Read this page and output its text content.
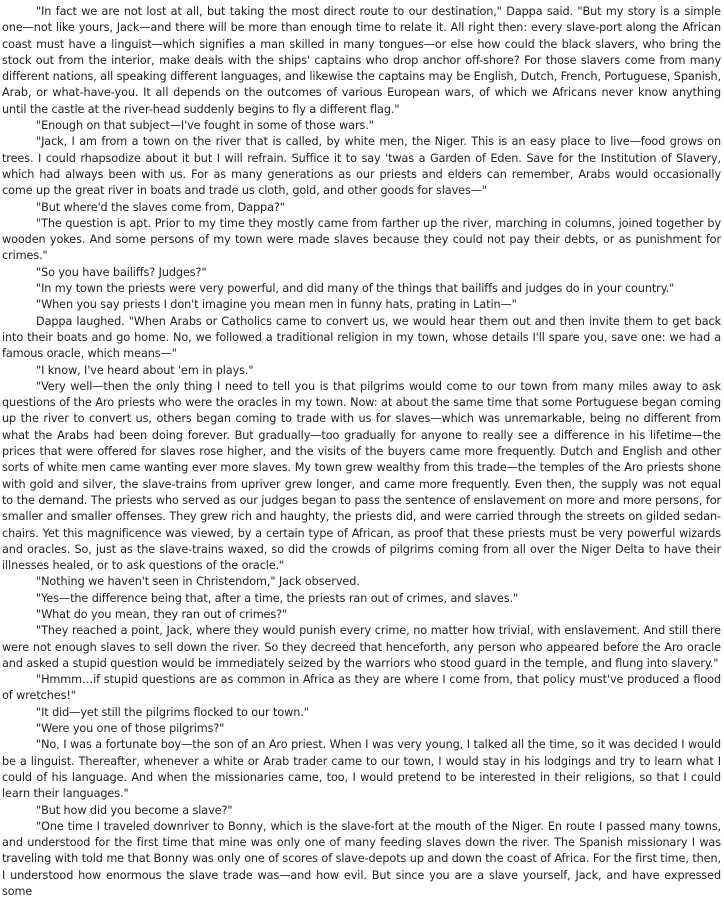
"In fact we are not lost at all, but taking the most direct route to our destination," Dappa said. "But my story is a simple one—not like yours, Jack—and there will be more than enough time to relate it. All right then: every slave-port along the African coast must have a linguist—which signifies a man skilled in many tongues—or else how could the black slavers, who bring the stock out from the interior, make deals with the ships' captains who drop anchor off-shore? For those slavers come from many different nations, all speaking different languages, and likewise the captains may be English, Dutch, French, Portuguese, Spanish, Arab, or what-have-you. It all depends on the outcomes of various European wars, of which we Africans never know anything until the castle at the river-head suddenly begins to fly a different flag."

"Enough on that subject—I've fought in some of those wars."

"Jack, I am from a town on the river that is called, by white men, the Niger. This is an easy place to live—food grows on trees. I could rhapsodize about it but I will refrain. Suffice it to say 'twas a Garden of Eden. Save for the Institution of Slavery, which had always been with us. For as many generations as our priests and elders can remember, Arabs would occasionally come up the great river in boats and trade us cloth, gold, and other goods for slaves—"

"But where'd the slaves come from, Dappa?"

"The question is apt. Prior to my time they mostly came from farther up the river, marching in columns, joined together by wooden yokes. And some persons of my town were made slaves because they could not pay their debts, or as punishment for crimes."

"So you have bailiffs? Judges?"

"In my town the priests were very powerful, and did many of the things that bailiffs and judges do in your country."

"When you say priests I don't imagine you mean men in funny hats, prating in Latin—"

Dappa laughed. "When Arabs or Catholics came to convert us, we would hear them out and then invite them to get back into their boats and go home. No, we followed a traditional religion in my town, whose details I'll spare you, save one: we had a famous oracle, which means—"

"I know, I've heard about 'em in plays."

"Very well—then the only thing I need to tell you is that pilgrims would come to our town from many miles away to ask questions of the Aro priests who were the oracles in my town. Now: at about the same time that some Portuguese began coming up the river to convert us, others began coming to trade with us for slaves—which was unremarkable, being no different from what the Arabs had been doing forever. But gradually—too gradually for anyone to really see a difference in his lifetime—the prices that were offered for slaves rose higher, and the visits of the buyers came more frequently. Dutch and English and other sorts of white men came wanting ever more slaves. My town grew wealthy from this trade—the temples of the Aro priests shone with gold and silver, the slave-trains from upriver grew longer, and came more frequently. Even then, the supply was not equal to the demand. The priests who served as our judges began to pass the sentence of enslavement on more and more persons, for smaller and smaller offenses. They grew rich and haughty, the priests did, and were carried through the streets on gilded sedan-chairs. Yet this magnificence was viewed, by a certain type of African, as proof that these priests must be very powerful wizards and oracles. So, just as the slave-trains waxed, so did the crowds of pilgrims coming from all over the Niger Delta to have their illnesses healed, or to ask questions of the oracle."

"Nothing we haven't seen in Christendom," Jack observed.

"Yes—the difference being that, after a time, the priests ran out of crimes, and slaves."

"What do you mean, they ran out of crimes?"

"They reached a point, Jack, where they would punish every crime, no matter how trivial, with enslavement. And still there were not enough slaves to sell down the river. So they decreed that henceforth, any person who appeared before the Aro oracle and asked a stupid question would be immediately seized by the warriors who stood guard in the temple, and flung into slavery."

"Hmmm…if stupid questions are as common in Africa as they are where I come from, that policy must've produced a flood of wretches!"

"It did—yet still the pilgrims flocked to our town."

"Were you one of those pilgrims?"

"No, I was a fortunate boy—the son of an Aro priest. When I was very young, I talked all the time, so it was decided I would be a linguist. Thereafter, whenever a white or Arab trader came to our town, I would stay in his lodgings and try to learn what I could of his language. And when the missionaries came, too, I would pretend to be interested in their religions, so that I could learn their languages."

"But how did you become a slave?"

"One time I traveled downriver to Bonny, which is the slave-fort at the mouth of the Niger. En route I passed many towns, and understood for the first time that mine was only one of many feeding slaves down the river. The Spanish missionary I was traveling with told me that Bonny was only one of scores of slave-depots up and down the coast of Africa. For the first time, then, I understood how enormous the slave trade was—and how evil. But since you are a slave yourself, Jack, and have expressed some
